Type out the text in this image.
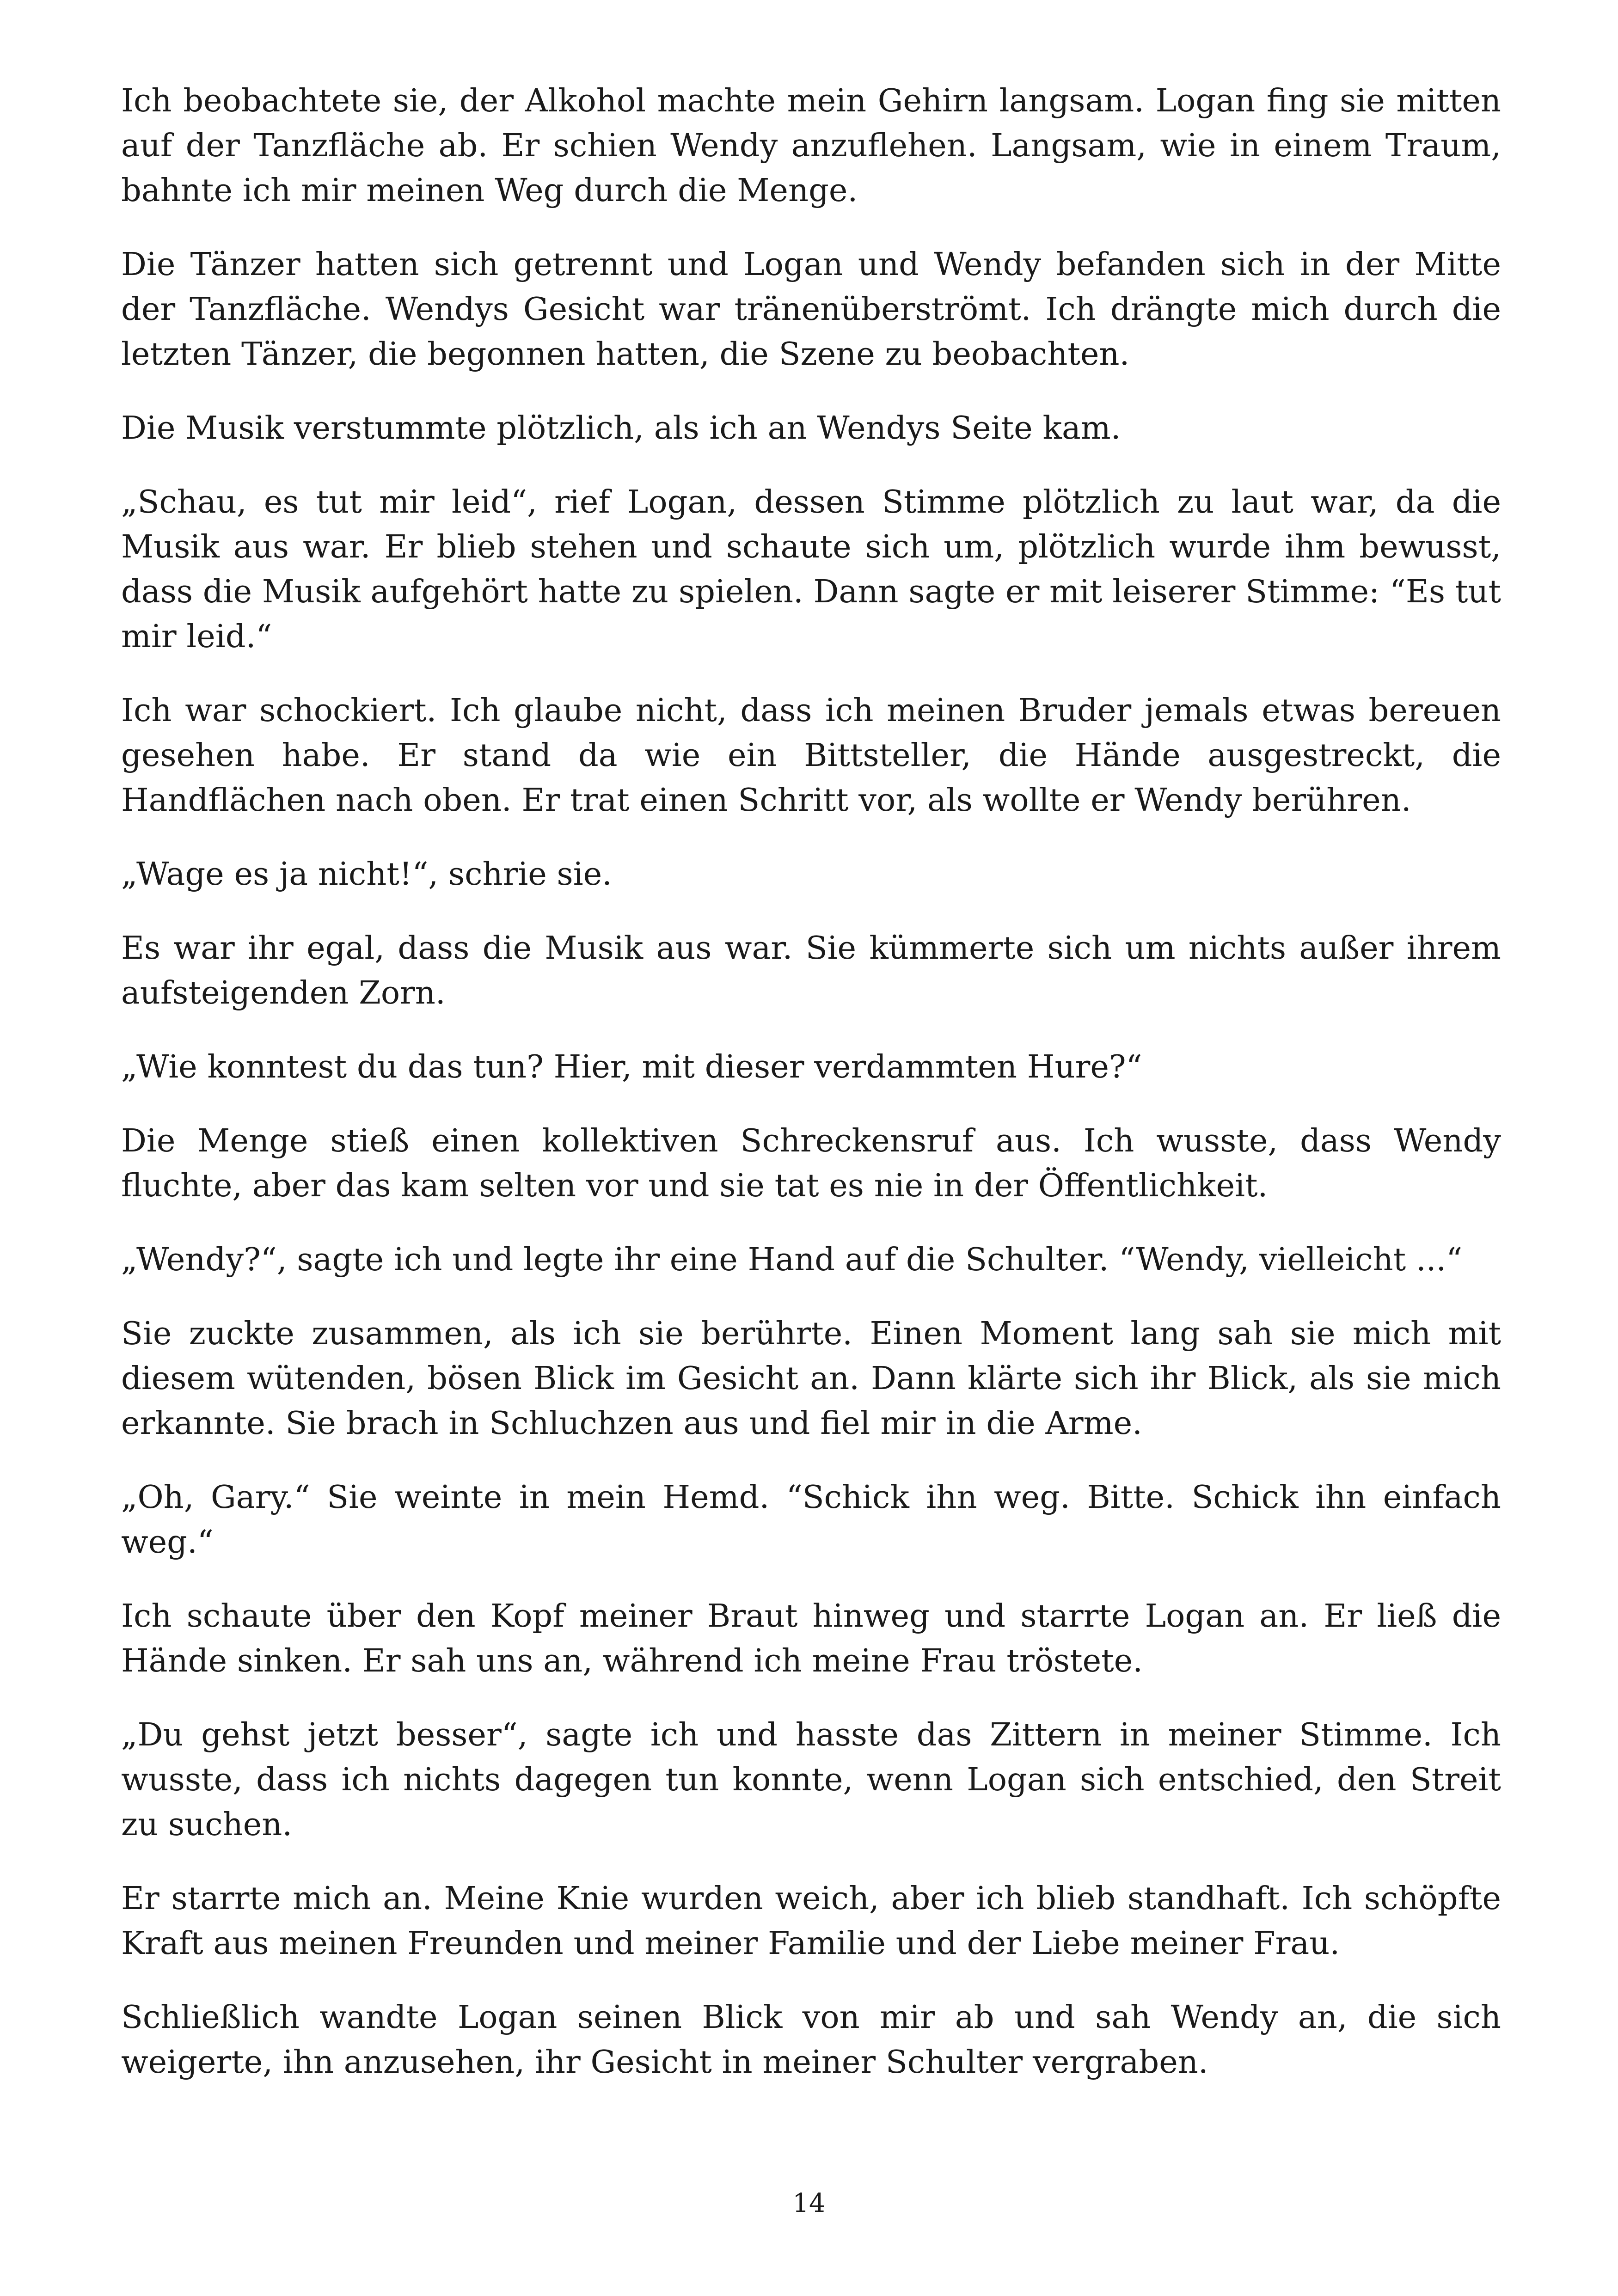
Ich beobachtete sie, der Alkohol machte mein Gehirn langsam. Logan fing sie mitten auf der Tanzfläche ab. Er schien Wendy anzuflehen. Langsam, wie in einem Traum, bahnte ich mir meinen Weg durch die Menge.

Die Tänzer hatten sich getrennt und Logan und Wendy befanden sich in der Mitte der Tanzfläche. Wendys Gesicht war tränenüberströmt. Ich drängte mich durch die letzten Tänzer, die begonnen hatten, die Szene zu beobachten.

Die Musik verstummte plötzlich, als ich an Wendys Seite kam.

„Schau, es tut mir leid“, rief Logan, dessen Stimme plötzlich zu laut war, da die Musik aus war. Er blieb stehen und schaute sich um, plötzlich wurde ihm bewusst, dass die Musik aufgehört hatte zu spielen. Dann sagte er mit leiserer Stimme: “Es tut mir leid.“

Ich war schockiert. Ich glaube nicht, dass ich meinen Bruder jemals etwas bereuen gesehen habe. Er stand da wie ein Bittsteller, die Hände ausgestreckt, die Handflächen nach oben. Er trat einen Schritt vor, als wollte er Wendy berühren.

„Wage es ja nicht!“, schrie sie.

Es war ihr egal, dass die Musik aus war. Sie kümmerte sich um nichts außer ihrem aufsteigenden Zorn.

„Wie konntest du das tun? Hier, mit dieser verdammten Hure?“

Die Menge stieß einen kollektiven Schreckensruf aus. Ich wusste, dass Wendy fluchte, aber das kam selten vor und sie tat es nie in der Öffentlichkeit.

„Wendy?“, sagte ich und legte ihr eine Hand auf die Schulter. “Wendy, vielleicht ...“

Sie zuckte zusammen, als ich sie berührte. Einen Moment lang sah sie mich mit diesem wütenden, bösen Blick im Gesicht an. Dann klärte sich ihr Blick, als sie mich erkannte. Sie brach in Schluchzen aus und fiel mir in die Arme.

„Oh, Gary.“ Sie weinte in mein Hemd. “Schick ihn weg. Bitte. Schick ihn einfach weg.“

Ich schaute über den Kopf meiner Braut hinweg und starrte Logan an. Er ließ die Hände sinken. Er sah uns an, während ich meine Frau tröstete.

„Du gehst jetzt besser“, sagte ich und hasste das Zittern in meiner Stimme. Ich wusste, dass ich nichts dagegen tun konnte, wenn Logan sich entschied, den Streit zu suchen.

Er starrte mich an. Meine Knie wurden weich, aber ich blieb standhaft. Ich schöpfte Kraft aus meinen Freunden und meiner Familie und der Liebe meiner Frau.

Schließlich wandte Logan seinen Blick von mir ab und sah Wendy an, die sich weigerte, ihn anzusehen, ihr Gesicht in meiner Schulter vergraben.

14
